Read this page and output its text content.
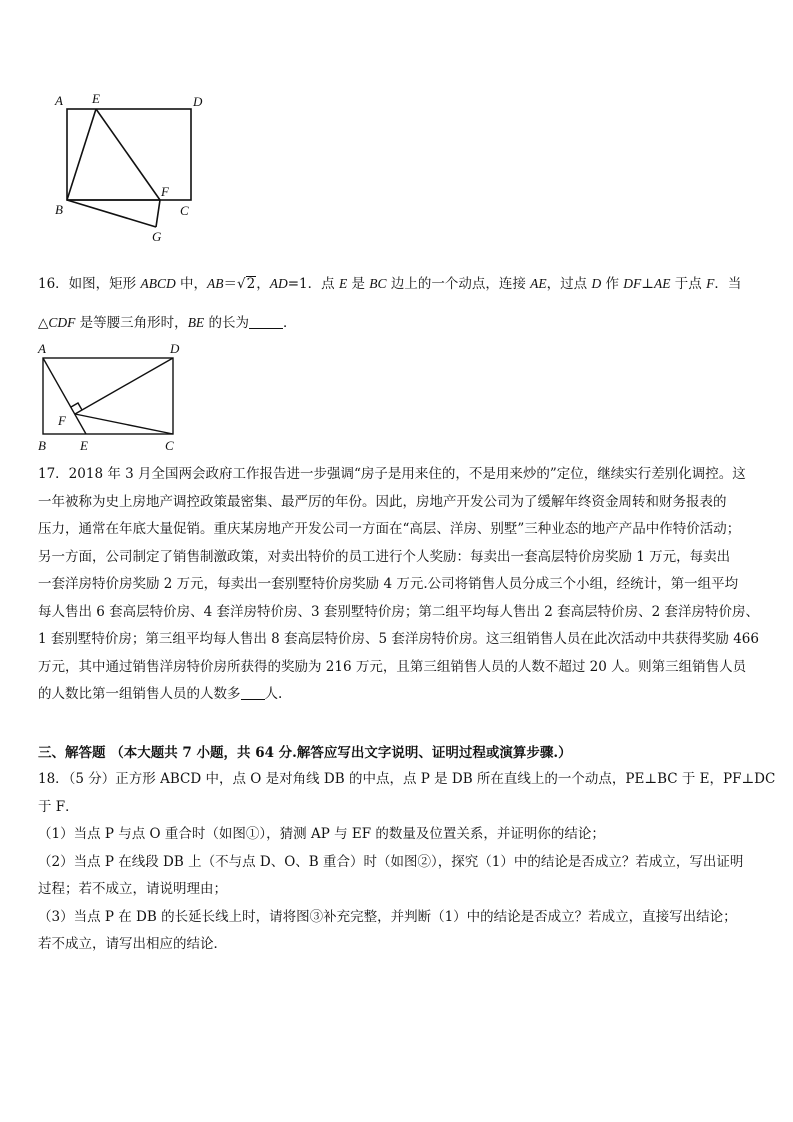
A E	D
F
B	C
G
16．如图，矩形 ABCD 中，AB＝√2，AD=1．点 E 是 BC 边上的一个动点，连接 AE，过点 D 作 DF⊥AE 于点 F．当
△CDF 是等腰三角形时，BE 的长为	．
A	D
F
B	E	C
17．2018 年 3 月全国两会政府工作报告进一步强调“房子是用来住的，不是用来炒的”定位，继续实行差别化调控。这
一年被称为史上房地产调控政策最密集、最严厉的年份。因此，房地产开发公司为了缓解年终资金周转和财务报表的
压力，通常在年底大量促销。重庆某房地产开发公司一方面在“高层、洋房、别墅”三种业态的地产产品中作特价活动；
另一方面，公司制定了销售制激政策，对卖出特价的员工进行个人奖励：每卖出一套高层特价房奖励 1 万元，每卖出
一套洋房特价房奖励 2 万元，每卖出一套别墅特价房奖励 4 万元.公司将销售人员分成三个小组，经统计，第一组平均
每人售出 6 套高层特价房、4 套洋房特价房、3 套别墅特价房；第二组平均每人售出 2 套高层特价房、2 套洋房特价房、
1 套别墅特价房；第三组平均每人售出 8 套高层特价房、5 套洋房特价房。这三组销售人员在此次活动中共获得奖励 466
万元，其中通过销售洋房特价房所获得的奖励为 216 万元，且第三组销售人员的人数不超过 20 人。则第三组销售人员
的人数比第一组销售人员的人数多 人.
三、解答题 （本大题共 7 小题，共 64 分.解答应写出文字说明、证明过程或演算步骤.）
18．（5 分）正方形 ABCD 中，点 O 是对角线 DB 的中点，点 P 是 DB 所在直线上的一个动点，PE⊥BC 于 E，PF⊥DC
于 F．
（1）当点 P 与点 O 重合时（如图①），猜测 AP 与 EF 的数量及位置关系，并证明你的结论；
（2）当点 P 在线段 DB 上（不与点 D、O、B 重合）时（如图②），探究（1）中的结论是否成立？若成立，写出证明
过程；若不成立，请说明理由；
（3）当点 P 在 DB 的长延长线上时，请将图③补充完整，并判断（1）中的结论是否成立？若成立，直接写出结论；
若不成立，请写出相应的结论．
